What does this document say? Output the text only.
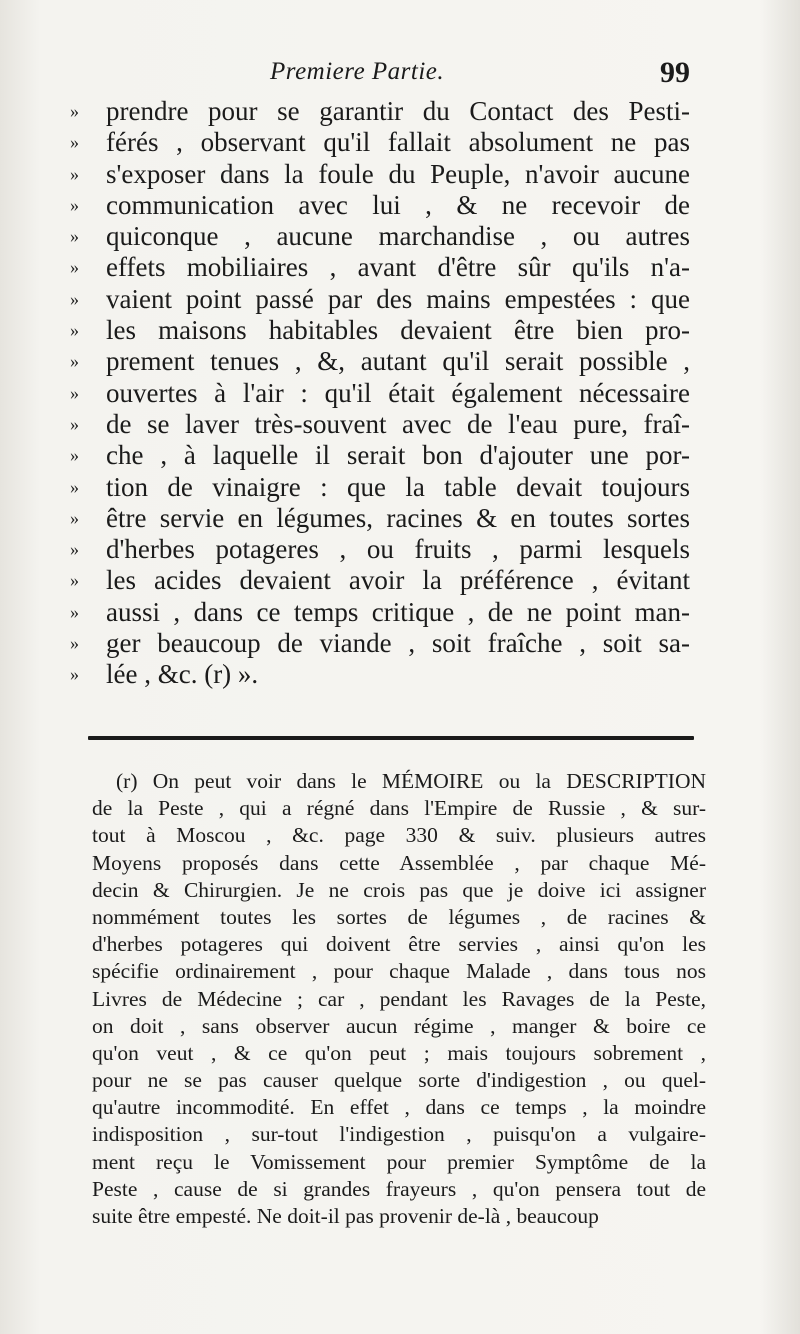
Premiere Partie.	99
»	prendre pour se garantir du Contact des Pesti-
»	férés , observant qu'il fallait absolument ne pas
»	s'exposer dans la foule du Peuple, n'avoir aucune
»	communication avec lui , & ne recevoir de
»	quiconque , aucune marchandise , ou autres
»	effets mobiliaires , avant d'être sûr qu'ils n'a-
»	vaient point passé par des mains empestées : que
»	les maisons habitables devaient être bien pro-
»	prement tenues , &, autant qu'il serait possible ,
»	ouvertes à l'air : qu'il était également nécessaire
»	de se laver très-souvent avec de l'eau pure, fraî-
»	che , à laquelle il serait bon d'ajouter une por-
»	tion de vinaigre : que la table devait toujours
»	être servie en légumes, racines & en toutes sortes
»	d'herbes potageres , ou fruits , parmi lesquels
»	les acides devaient avoir la préférence , évitant
»	aussi , dans ce temps critique , de ne point man-
»	ger beaucoup de viande , soit fraîche , soit sa-
»	lée , &c. (r) ».
(r) On peut voir dans le MÉMOIRE ou la DESCRIPTION
de la Peste , qui a régné dans l'Empire de Russie , & sur-
tout à Moscou , &c. page 330 & suiv. plusieurs autres
Moyens proposés dans cette Assemblée , par chaque Mé-
decin & Chirurgien. Je ne crois pas que je doive ici assigner
nommément toutes les sortes de légumes , de racines &
d'herbes potageres qui doivent être servies , ainsi qu'on les
spécifie ordinairement , pour chaque Malade , dans tous nos
Livres de Médecine ; car , pendant les Ravages de la Peste,
on doit , sans observer aucun régime , manger & boire ce
qu'on veut , & ce qu'on peut ; mais toujours sobrement ,
pour ne se pas causer quelque sorte d'indigestion , ou quel-
qu'autre incommodité. En effet , dans ce temps , la moindre
indisposition , sur-tout l'indigestion , puisqu'on a vulgaire-
ment reçu le Vomissement pour premier Symptôme de la
Peste , cause de si grandes frayeurs , qu'on pensera tout de
suite être empesté. Ne doit-il pas provenir de-là , beaucoup
